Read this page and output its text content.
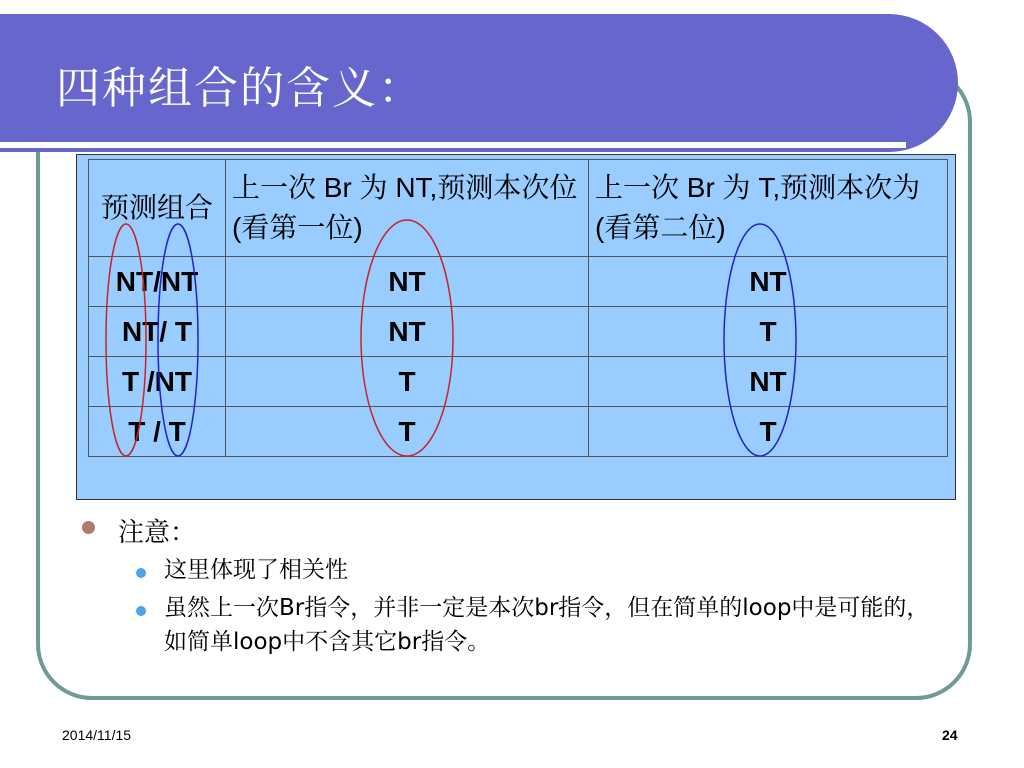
四种组合的含义：
预测组合	上一次 Br 为 NT,预测本次位(看第一位)	上一次 Br 为 T,预测本次为(看第二位)
NT/NT	NT	NT
NT/ T	NT	T
T /NT	T	NT
T / T	T	T
注意：
这里体现了相关性
虽然上一次Br指令，并非一定是本次br指令，但在简单的loop中是可能的，如简单loop中不含其它br指令。
2014/11/15	24
